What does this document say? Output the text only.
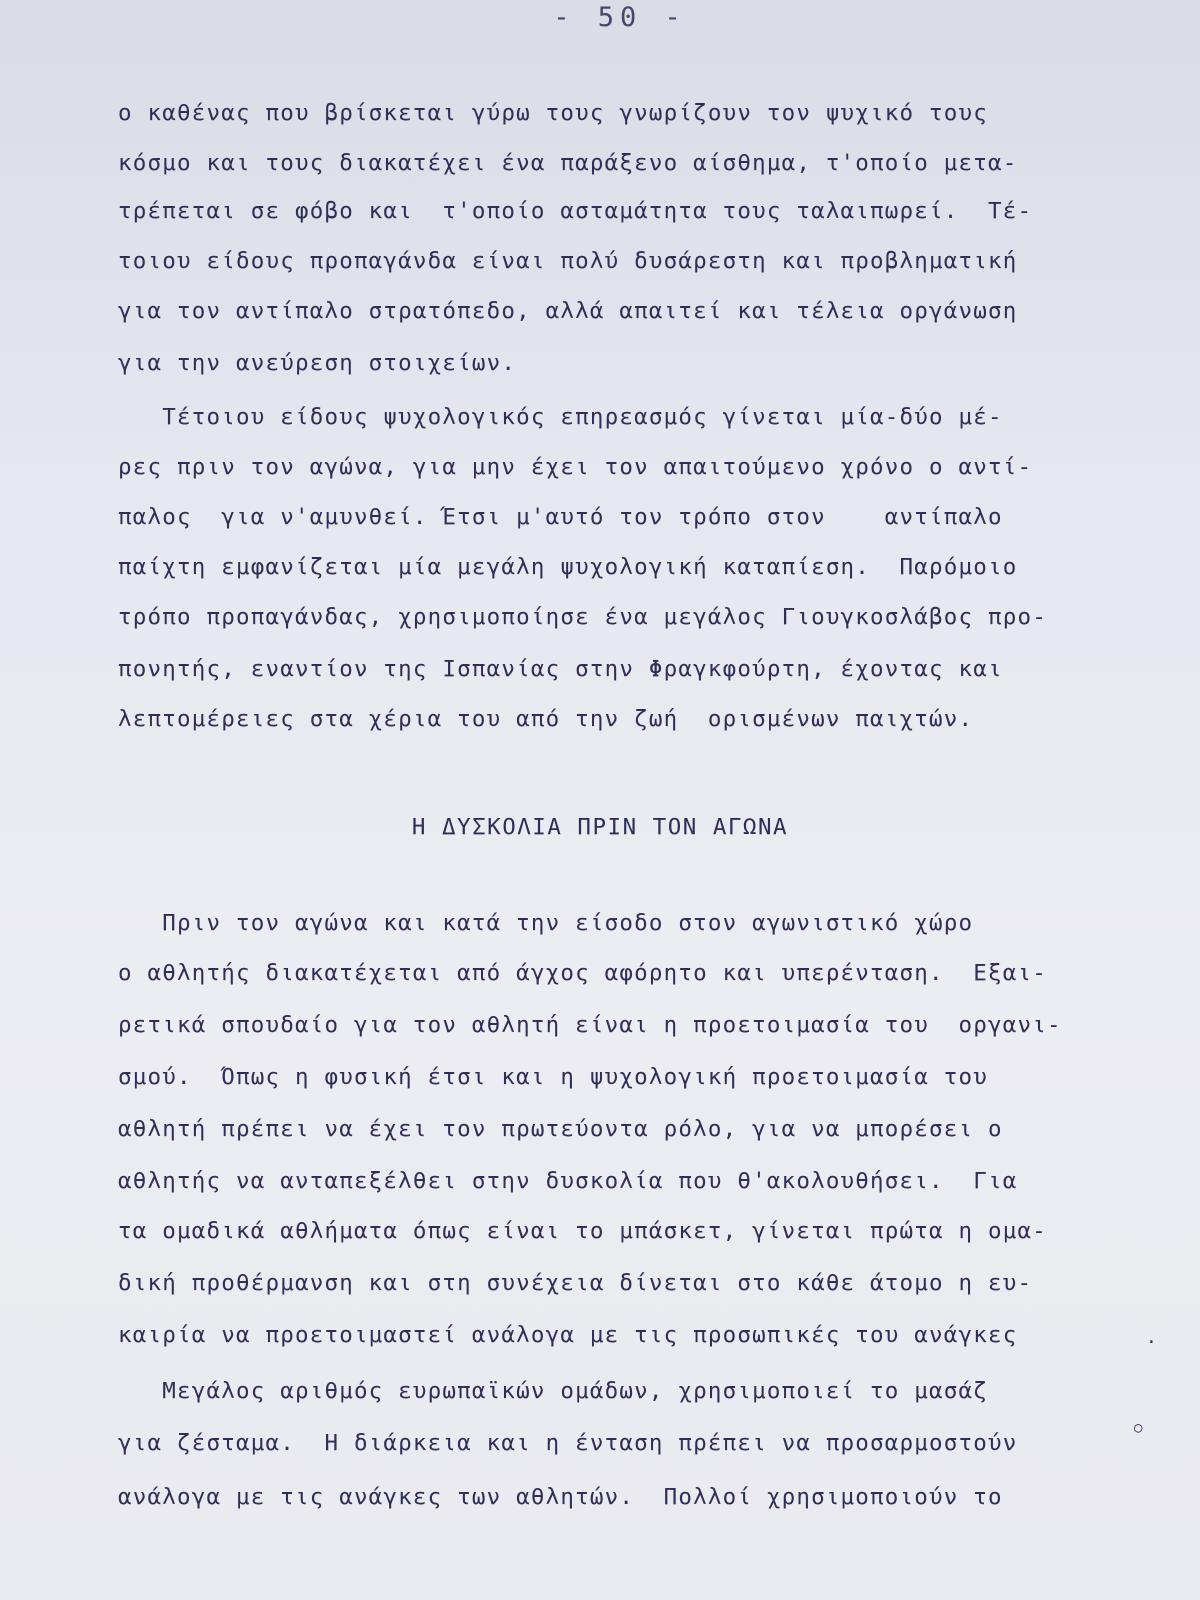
- 50 -
ο καθένας που βρίσκεται γύρω τους γνωρίζουν τον ψυχικό τους
κόσμο και τους διακατέχει ένα παράξενο αίσθημα, τ'οποίο μετα-
τρέπεται σε φόβο και  τ'οποίο ασταμάτητα τους ταλαιπωρεί.  Τέ-
τοιου είδους προπαγάνδα είναι πολύ δυσάρεστη και προβληματική
για τον αντίπαλο στρατόπεδο, αλλά απαιτεί και τέλεια οργάνωση
για την ανεύρεση στοιχείων.
Τέτοιου είδους ψυχολογικός επηρεασμός γίνεται μία-δύο μέ-
ρες πριν τον αγώνα, για μην έχει τον απαιτούμενο χρόνο ο αντί-
παλος  για ν'αμυνθεί. Έτσι μ'αυτό τον τρόπο στον    αντίπαλο
παίχτη εμφανίζεται μία μεγάλη ψυχολογική καταπίεση.  Παρόμοιο
τρόπο προπαγάνδας, χρησιμοποίησε ένα μεγάλος Γιουγκοσλάβος προ-
πονητής, εναντίον της Ισπανίας στην Φραγκφούρτη, έχοντας και
λεπτομέρειες στα χέρια του από την ζωή  ορισμένων παιχτών.
Η ΔΥΣΚΟΛΙΑ ΠΡΙΝ ΤΟΝ ΑΓΩΝΑ
Πριν τον αγώνα και κατά την είσοδο στον αγωνιστικό χώρο
ο αθλητής διακατέχεται από άγχος αφόρητο και υπερένταση.  Εξαι-
ρετικά σπουδαίο για τον αθλητή είναι η προετοιμασία του  οργανι-
σμού.  Όπως η φυσική έτσι και η ψυχολογική προετοιμασία του
αθλητή πρέπει να έχει τον πρωτεύοντα ρόλο, για να μπορέσει ο
αθλητής να ανταπεξέλθει στην δυσκολία που θ'ακολουθήσει.  Για
τα ομαδικά αθλήματα όπως είναι το μπάσκετ, γίνεται πρώτα η ομα-
δική προθέρμανση και στη συνέχεια δίνεται στο κάθε άτομο η ευ-
καιρία να προετοιμαστεί ανάλογα με τις προσωπικές του ανάγκες
Μεγάλος αριθμός ευρωπαϊκών ομάδων, χρησιμοποιεί το μασάζ
για ζέσταμα.  Η διάρκεια και η ένταση πρέπει να προσαρμοστούν
ανάλογα με τις ανάγκες των αθλητών.  Πολλοί χρησιμοποιούν το
·
○
